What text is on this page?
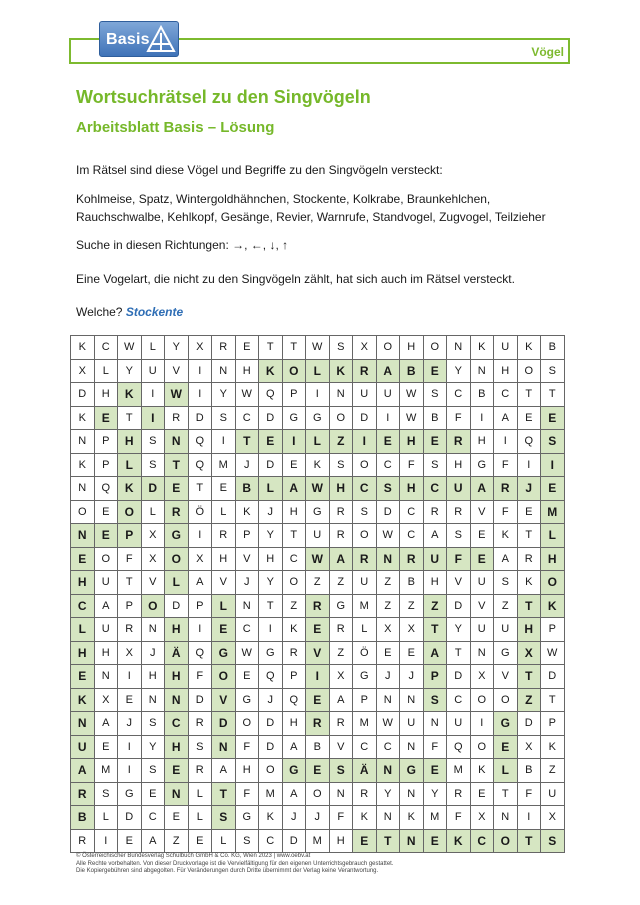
Basis
Vögel
Wortsuchrätsel zu den Singvögeln
Arbeitsblatt Basis – Lösung
Im Rätsel sind diese Vögel und Begriffe zu den Singvögeln versteckt:
Kohlmeise, Spatz, Wintergoldhähnchen, Stockente, Kolkrabe, Braunkehlchen,
Rauchschwalbe, Kehlkopf, Gesänge, Revier, Warnrufe, Standvogel, Zugvogel, Teilzieher
Suche in diesen Richtungen: →, ←, ↓, ↑
Eine Vogelart, die nicht zu den Singvögeln zählt, hat sich auch im Rätsel versteckt.
Welche? Stockente
K	C	W	L	Y	X	R	E	T	T	W	S	X	O	H	O	N	K	U	K	B
X	L	Y	U	V	I	N	H	K	O	L	K	R	A	B	E	Y	N	H	O	S
D	H	K	I	W	I	Y	W	Q	P	I	N	U	U	W	S	C	B	C	T	T
K	E	T	I	R	D	S	C	D	G	G	O	D	I	W	B	F	I	A	E	E
N	P	H	S	N	Q	I	T	E	I	L	Z	I	E	H	E	R	H	I	Q	S
K	P	L	S	T	Q	M	J	D	E	K	S	O	C	F	S	H	G	F	I	I
N	Q	K	D	E	T	E	B	L	A	W	H	C	S	H	C	U	A	R	J	E
O	E	O	L	R	Ö	L	K	J	H	G	R	S	D	C	R	R	V	F	E	M
N	E	P	X	G	I	R	P	Y	T	U	R	O	W	C	A	S	E	K	T	L
E	O	F	X	O	X	H	V	H	C	W	A	R	N	R	U	F	E	A	R	H
H	U	T	V	L	A	V	J	Y	O	Z	Z	U	Z	B	H	V	U	S	K	O
C	A	P	O	D	P	L	N	T	Z	R	G	M	Z	Z	Z	D	V	Z	T	K
L	U	R	N	H	I	E	C	I	K	E	R	L	X	X	T	Y	U	U	H	P
H	H	X	J	Ä	Q	G	W	G	R	V	Z	Ö	E	E	A	T	N	G	X	W
E	N	I	H	H	F	O	E	Q	P	I	X	G	J	J	P	D	X	V	T	D
K	X	E	N	N	D	V	G	J	Q	E	A	P	N	N	S	C	O	O	Z	T
N	A	J	S	C	R	D	O	D	H	R	R	M	W	U	N	U	I	G	D	P
U	E	I	Y	H	S	N	F	D	A	B	V	C	C	N	F	Q	O	E	X	K
A	M	I	S	E	R	A	H	O	G	E	S	Ä	N	G	E	M	K	L	B	Z
R	S	G	E	N	L	T	F	M	A	O	N	R	Y	N	Y	R	E	T	F	U
B	L	D	C	E	L	S	G	K	J	J	F	K	N	K	M	F	X	N	I	X
R	I	E	A	Z	E	L	S	C	D	M	H	E	T	N	E	K	C	O	T	S
© Österreichischer Bundesverlag Schulbuch GmbH & Co. KG, Wien 2023 | www.oebv.at
Alle Rechte vorbehalten. Von dieser Druckvorlage ist die Vervielfältigung für den eigenen Unterrichtsgebrauch gestattet.
Die Kopiergebühren sind abgegolten. Für Veränderungen durch Dritte übernimmt der Verlag keine Verantwortung.
